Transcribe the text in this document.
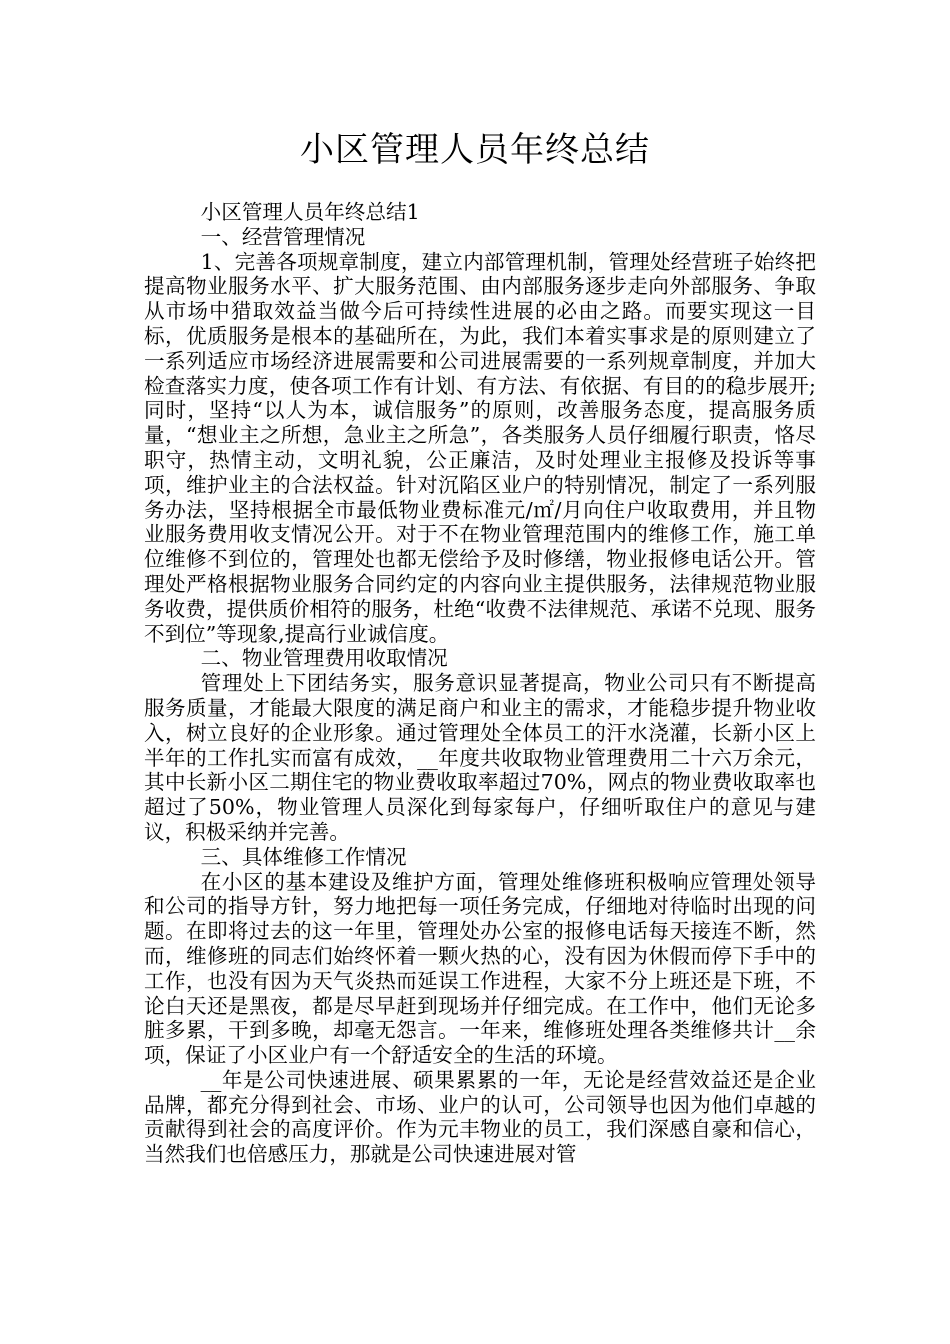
小区管理人员年终总结

小区管理人员年终总结1

一、经营管理情况

1、完善各项规章制度，建立内部管理机制，管理处经营班子始终把提高物业服务水平、扩大服务范围、由内部服务逐步走向外部服务、争取从市场中猎取效益当做今后可持续性进展的必由之路。而要实现这一目标，优质服务是根本的基础所在，为此，我们本着实事求是的原则建立了一系列适应市场经济进展需要和公司进展需要的一系列规章制度，并加大检查落实力度，使各项工作有计划、有方法、有依据、有目的的稳步展开;同时，坚持“以人为本，诚信服务”的原则，改善服务态度，提高服务质量，“想业主之所想，急业主之所急”，各类服务人员仔细履行职责，恪尽职守，热情主动，文明礼貌，公正廉洁，及时处理业主报修及投诉等事项，维护业主的合法权益。针对沉陷区业户的特别情况，制定了一系列服务办法，坚持根据全市最低物业费标准元/㎡/月向住户收取费用，并且物业服务费用收支情况公开。对于不在物业管理范围内的维修工作，施工单位维修不到位的，管理处也都无偿给予及时修缮，物业报修电话公开。管理处严格根据物业服务合同约定的内容向业主提供服务，法律规范物业服务收费，提供质价相符的服务，杜绝“收费不法律规范、承诺不兑现、服务不到位”等现象,提高行业诚信度。

二、物业管理费用收取情况

管理处上下团结务实，服务意识显著提高，物业公司只有不断提高服务质量，才能最大限度的满足商户和业主的需求，才能稳步提升物业收入，树立良好的企业形象。通过管理处全体员工的汗水浇灌，长新小区上半年的工作扎实而富有成效，__年度共收取物业管理费用二十六万余元，其中长新小区二期住宅的物业费收取率超过70%，网点的物业费收取率也超过了50%，物业管理人员深化到每家每户，仔细听取住户的意见与建议，积极采纳并完善。

三、具体维修工作情况

在小区的基本建设及维护方面，管理处维修班积极响应管理处领导和公司的指导方针，努力地把每一项任务完成，仔细地对待临时出现的问题。在即将过去的这一年里，管理处办公室的报修电话每天接连不断，然而，维修班的同志们始终怀着一颗火热的心，没有因为休假而停下手中的工作，也没有因为天气炎热而延误工作进程，大家不分上班还是下班，不论白天还是黑夜，都是尽早赶到现场并仔细完成。在工作中，他们无论多脏多累，干到多晚，却毫无怨言。一年来，维修班处理各类维修共计__余项，保证了小区业户有一个舒适安全的生活的环境。

__年是公司快速进展、硕果累累的一年，无论是经营效益还是企业品牌，都充分得到社会、市场、业户的认可，公司领导也因为他们卓越的贡献得到社会的高度评价。作为元丰物业的员工，我们深感自豪和信心，当然我们也倍感压力，那就是公司快速进展对管
